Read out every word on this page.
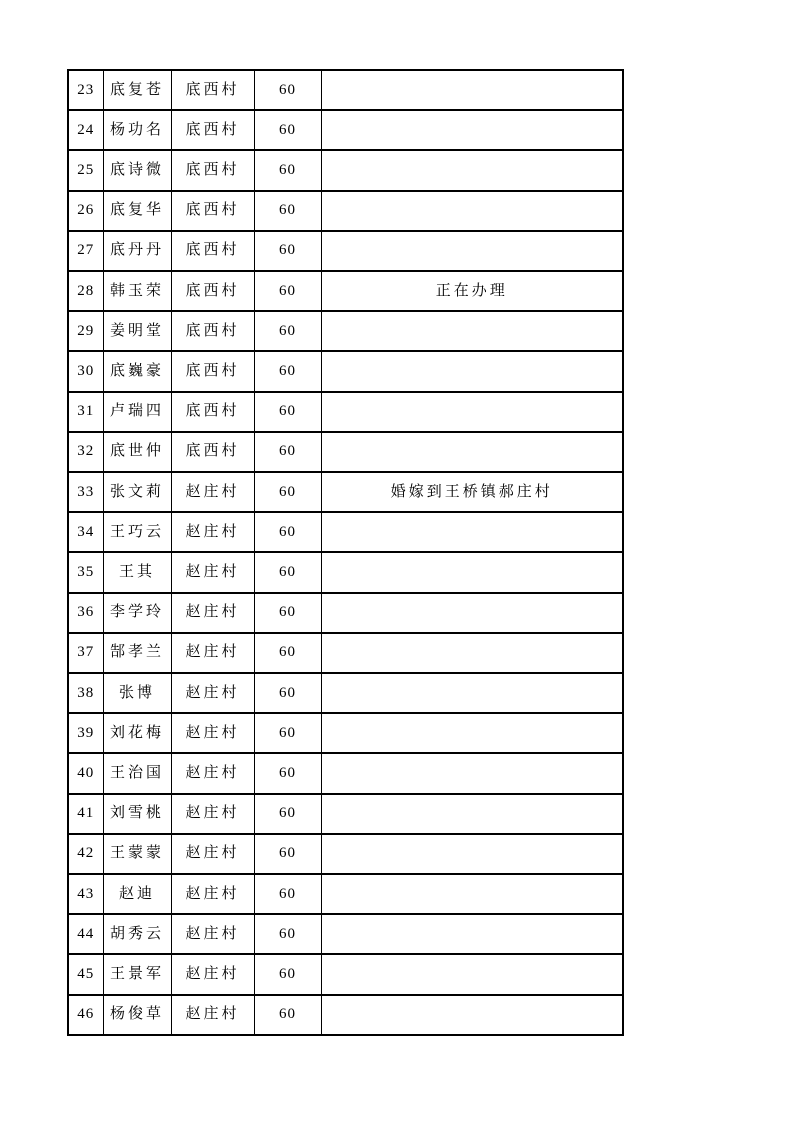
23	底复苍	底西村	60	
24	杨功名	底西村	60	
25	底诗微	底西村	60	
26	底复华	底西村	60	
27	底丹丹	底西村	60	
28	韩玉荣	底西村	60	正在办理
29	姜明堂	底西村	60	
30	底巍豪	底西村	60	
31	卢瑞四	底西村	60	
32	底世仲	底西村	60	
33	张文莉	赵庄村	60	婚嫁到王桥镇郝庄村
34	王巧云	赵庄村	60	
35	王其	赵庄村	60	
36	李学玲	赵庄村	60	
37	郜孝兰	赵庄村	60	
38	张博	赵庄村	60	
39	刘花梅	赵庄村	60	
40	王治国	赵庄村	60	
41	刘雪桃	赵庄村	60	
42	王蒙蒙	赵庄村	60	
43	赵迪	赵庄村	60	
44	胡秀云	赵庄村	60	
45	王景军	赵庄村	60	
46	杨俊草	赵庄村	60	
